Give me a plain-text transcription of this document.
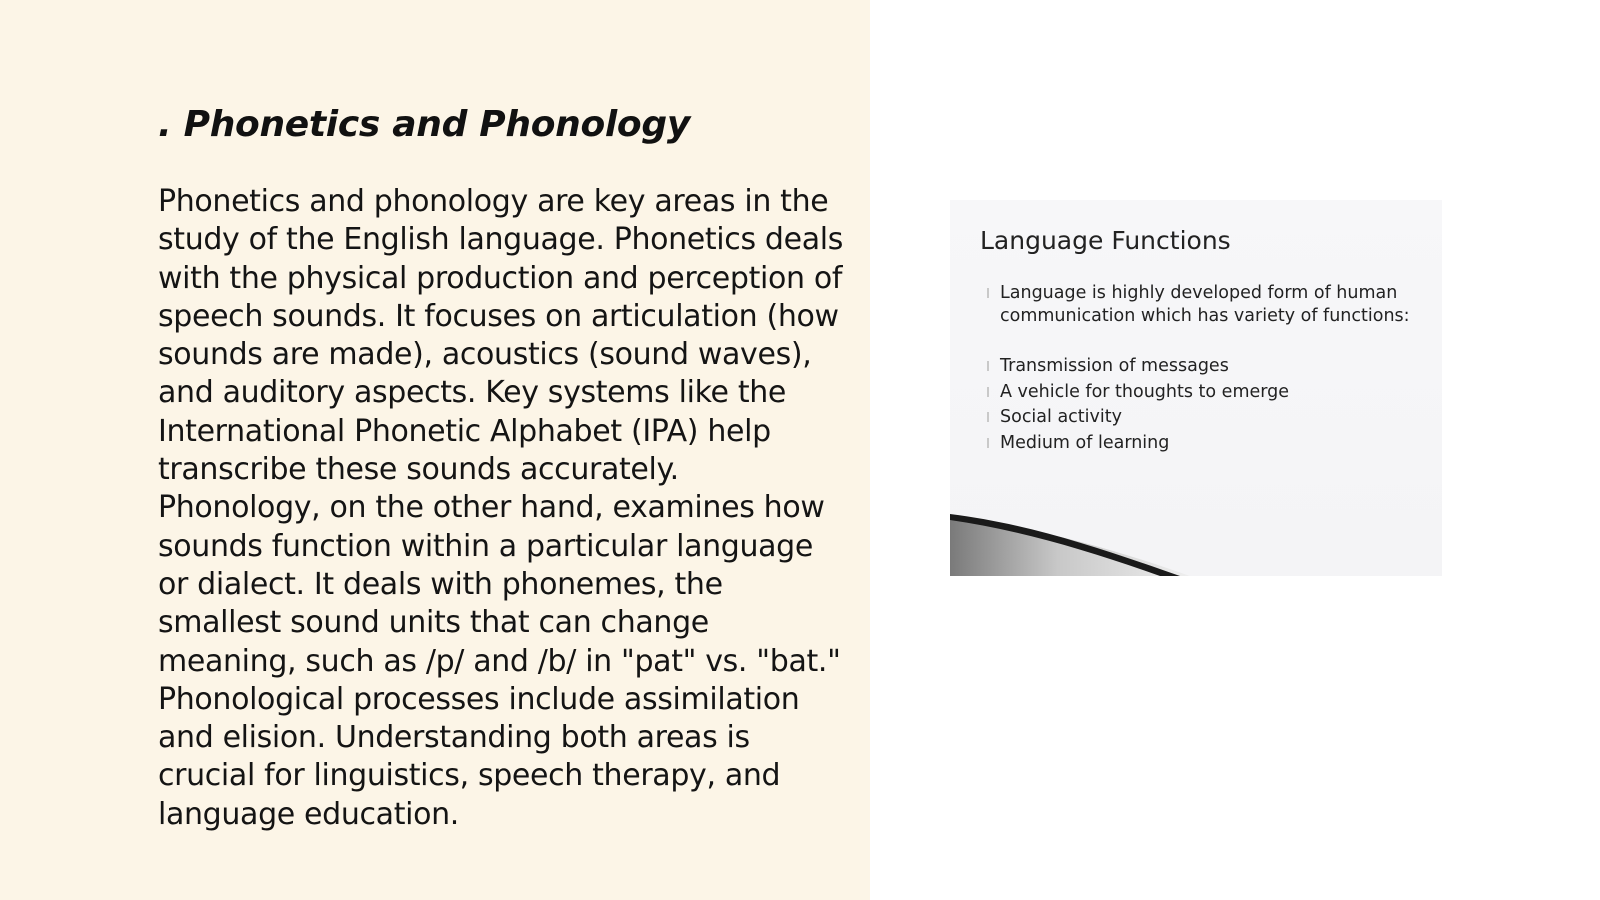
. Phonetics and Phonology

Phonetics and phonology are key areas in the study of the English language. Phonetics deals with the physical production and perception of speech sounds. It focuses on articulation (how sounds are made), acoustics (sound waves), and auditory aspects. Key systems like the International Phonetic Alphabet (IPA) help transcribe these sounds accurately. Phonology, on the other hand, examines how sounds function within a particular language or dialect. It deals with phonemes, the smallest sound units that can change meaning, such as /p/ and /b/ in "pat" vs. "bat." Phonological processes include assimilation and elision. Understanding both areas is crucial for linguistics, speech therapy, and language education.

Language Functions
Language is highly developed form of human communication which has variety of functions:
Transmission of messages
A vehicle for thoughts to emerge
Social activity
Medium of learning
